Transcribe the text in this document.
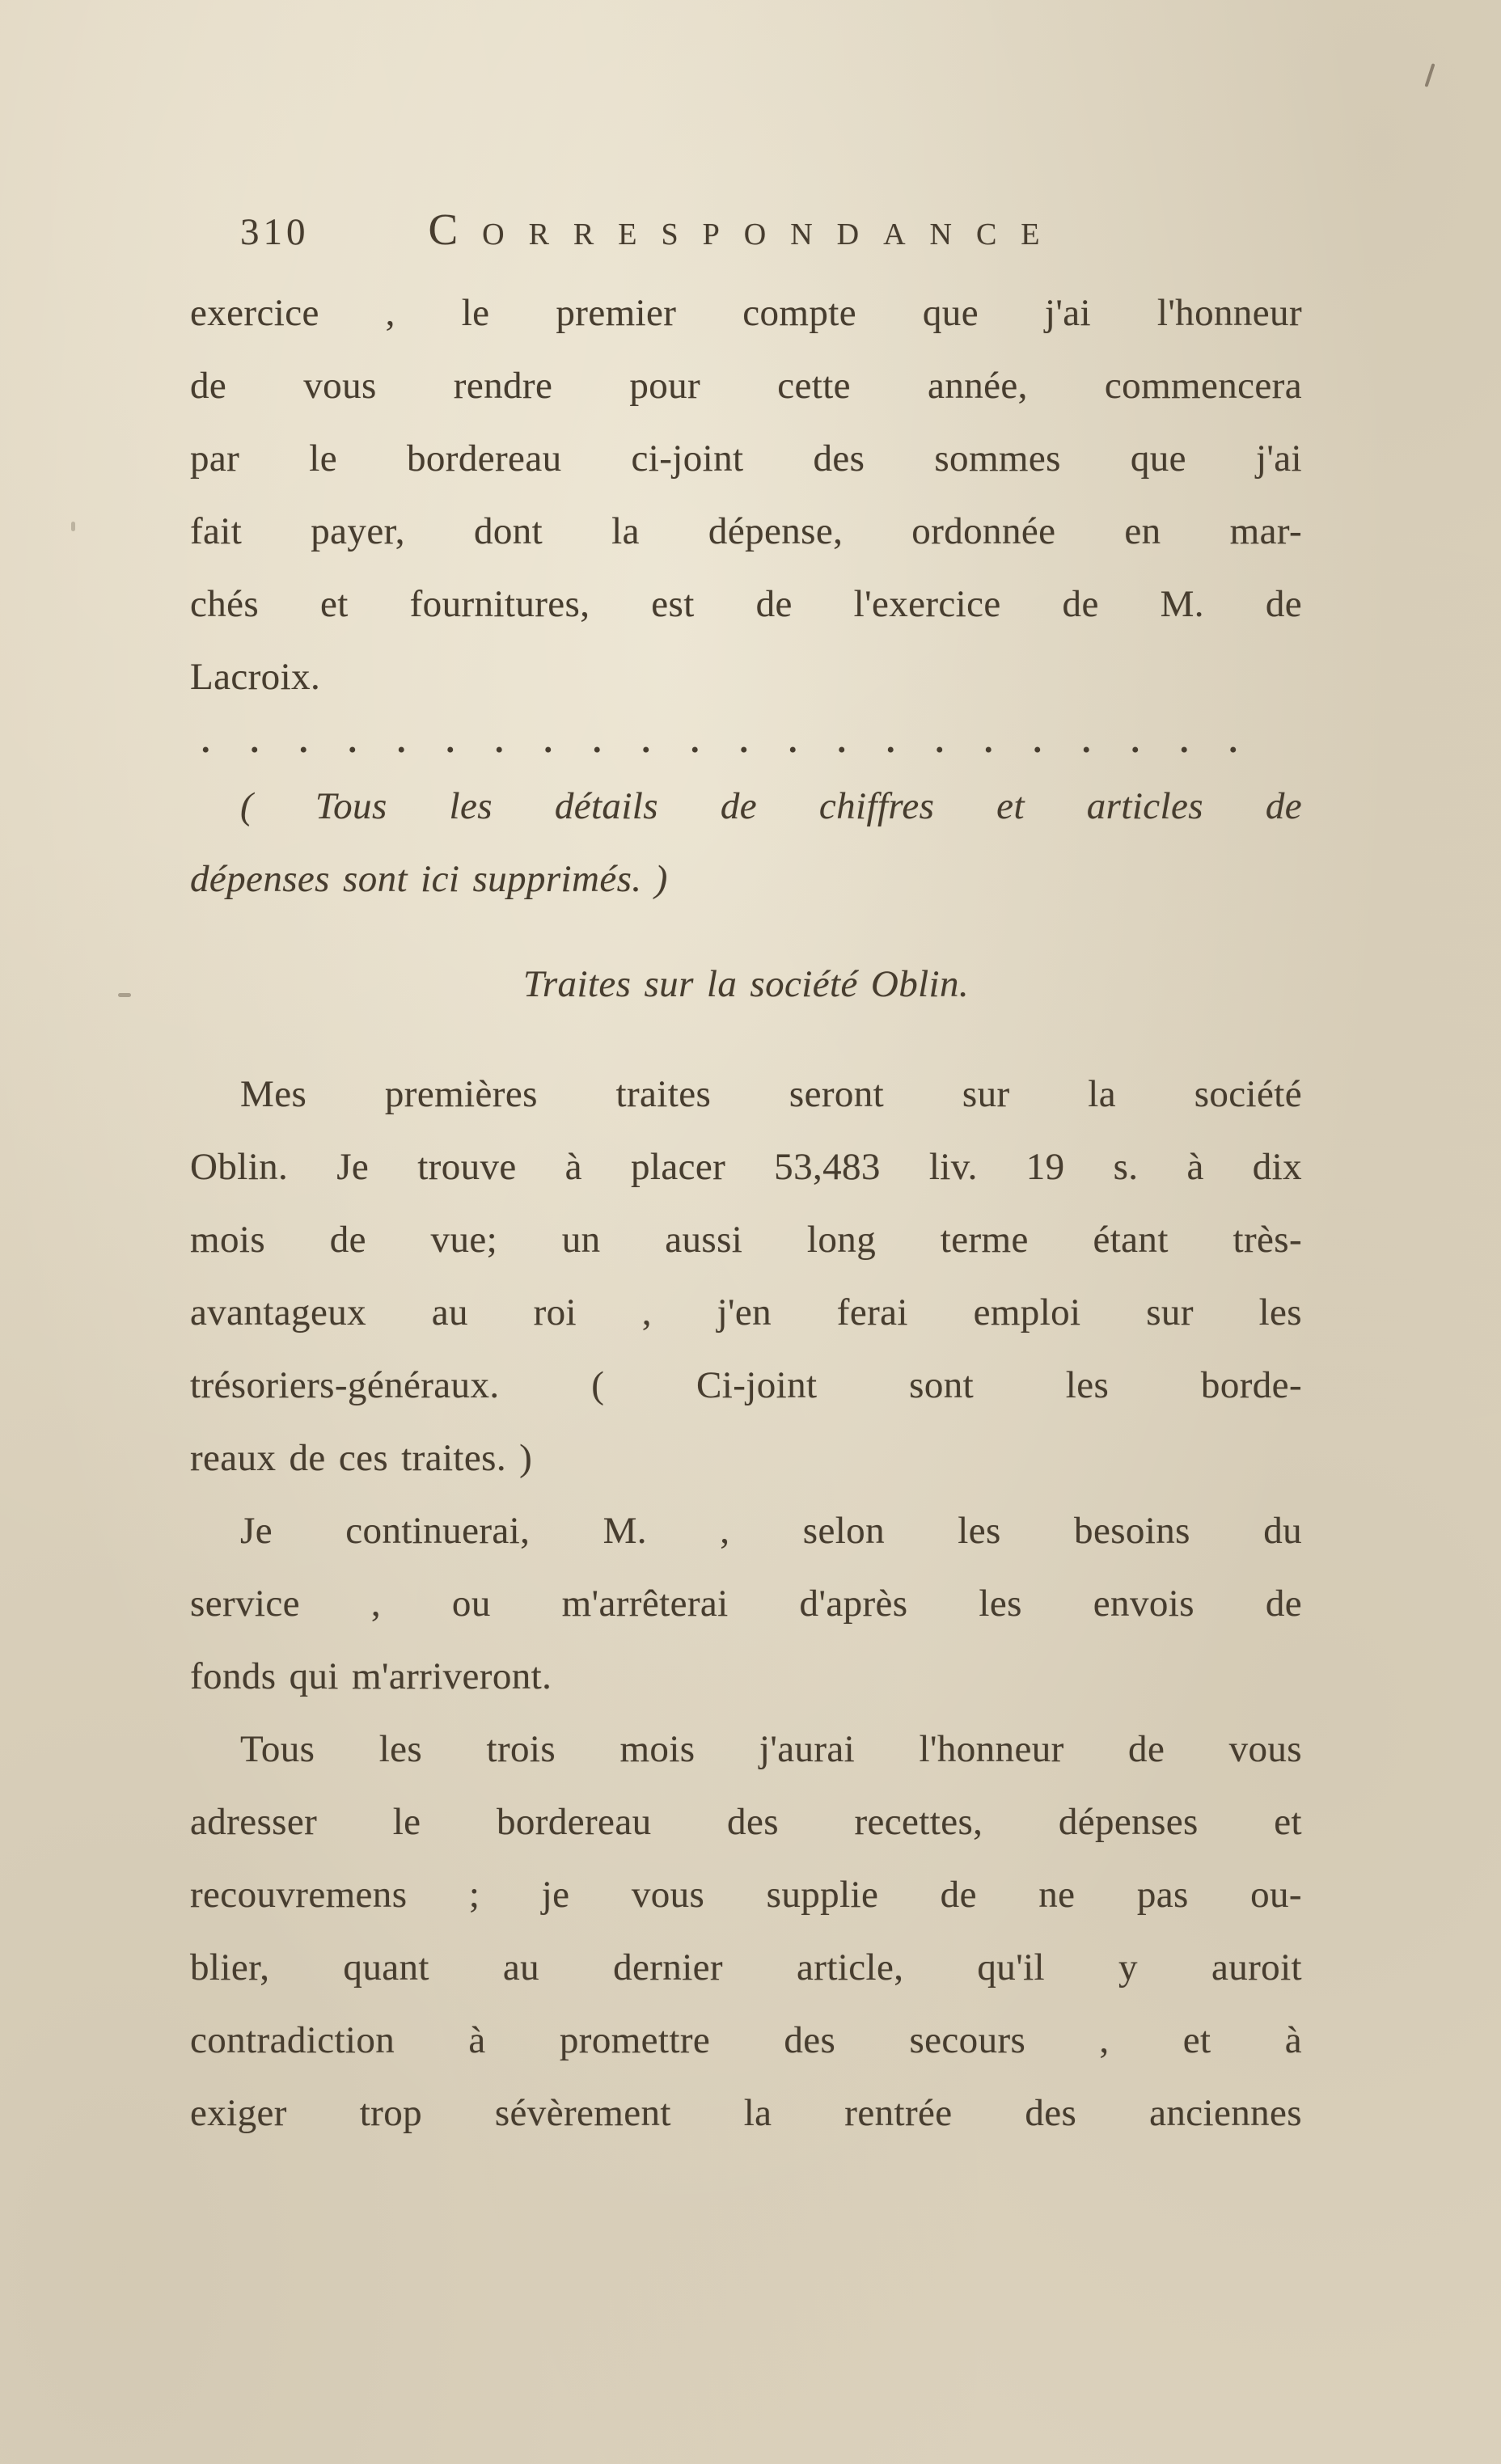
310	CORRESPONDANCE
exercice , le premier compte que j'ai l'honneur
de vous rendre pour cette année, commencera
par le bordereau ci-joint des sommes que j'ai
fait payer, dont la dépense, ordonnée en mar-
chés et fournitures, est de l'exercice de M. de
Lacroix.
......................
( Tous les détails de chiffres et articles de
dépenses sont ici supprimés. )
Traites sur la société Oblin.
Mes premières traites seront sur la société
Oblin. Je trouve à placer 53,483 liv. 19 s. à dix
mois de vue; un aussi long terme étant très-
avantageux au roi , j'en ferai emploi sur les
trésoriers-généraux. ( Ci-joint sont les borde-
reaux de ces traites. )
Je continuerai, M. , selon les besoins du
service , ou m'arrêterai d'après les envois de
fonds qui m'arriveront.
Tous les trois mois j'aurai l'honneur de vous
adresser le bordereau des recettes, dépenses et
recouvremens ; je vous supplie de ne pas ou-
blier, quant au dernier article, qu'il y auroit
contradiction à promettre des secours , et à
exiger trop sévèrement la rentrée des anciennes
